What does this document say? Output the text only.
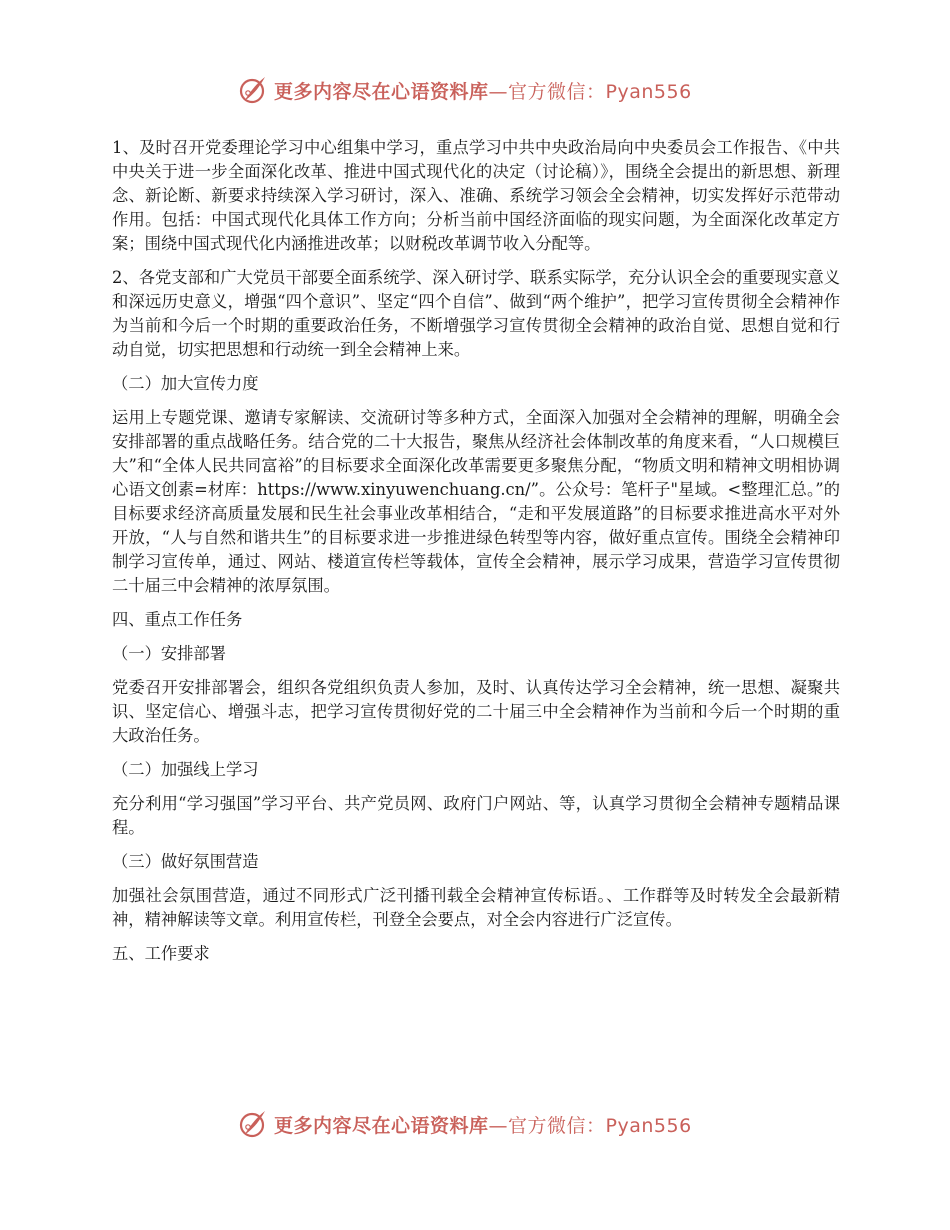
更多内容尽在心语资料库—官方微信：Pyan556

1、及时召开党委理论学习中心组集中学习，重点学习中共中央政治局向中央委员会工作报告、《中共中央关于进一步全面深化改革、推进中国式现代化的决定（讨论稿）》，围绕全会提出的新思想、新理念、新论断、新要求持续深入学习研讨，深入、准确、系统学习领会全会精神，切实发挥好示范带动作用。包括：中国式现代化具体工作方向；分析当前中国经济面临的现实问题，为全面深化改革定方案；围绕中国式现代化内涵推进改革；以财税改革调节收入分配等。

2、各党支部和广大党员干部要全面系统学、深入研讨学、联系实际学，充分认识全会的重要现实意义和深远历史意义，增强“四个意识”、坚定“四个自信”、做到“两个维护”，把学习宣传贯彻全会精神作为当前和今后一个时期的重要政治任务，不断增强学习宣传贯彻全会精神的政治自觉、思想自觉和行动自觉，切实把思想和行动统一到全会精神上来。

（二）加大宣传力度

运用上专题党课、邀请专家解读、交流研讨等多种方式，全面深入加强对全会精神的理解，明确全会安排部署的重点战略任务。结合党的二十大报告，聚焦从经济社会体制改革的角度来看，“人口规模巨大”和“全体人民共同富裕”的目标要求全面深化改革需要更多聚焦分配，“物质文明和精神文明相协调心语文创素=材库：https://www.xinyuwenchuang.cn/”。公众号：笔杆子"星域。<整理汇总。”的目标要求经济高质量发展和民生社会事业改革相结合，“走和平发展道路”的目标要求推进高水平对外开放，“人与自然和谐共生”的目标要求进一步推进绿色转型等内容，做好重点宣传。围绕全会精神印制学习宣传单，通过、网站、楼道宣传栏等载体，宣传全会精神，展示学习成果，营造学习宣传贯彻二十届三中会精神的浓厚氛围。

四、重点工作任务

（一）安排部署

党委召开安排部署会，组织各党组织负责人参加，及时、认真传达学习全会精神，统一思想、凝聚共识、坚定信心、增强斗志，把学习宣传贯彻好党的二十届三中全会精神作为当前和今后一个时期的重大政治任务。

（二）加强线上学习

充分利用“学习强国”学习平台、共产党员网、政府门户网站、等，认真学习贯彻全会精神专题精品课程。

（三）做好氛围营造

加强社会氛围营造，通过不同形式广泛刊播刊载全会精神宣传标语。、工作群等及时转发全会最新精神，精神解读等文章。利用宣传栏，刊登全会要点，对全会内容进行广泛宣传。

五、工作要求

更多内容尽在心语资料库—官方微信：Pyan556
